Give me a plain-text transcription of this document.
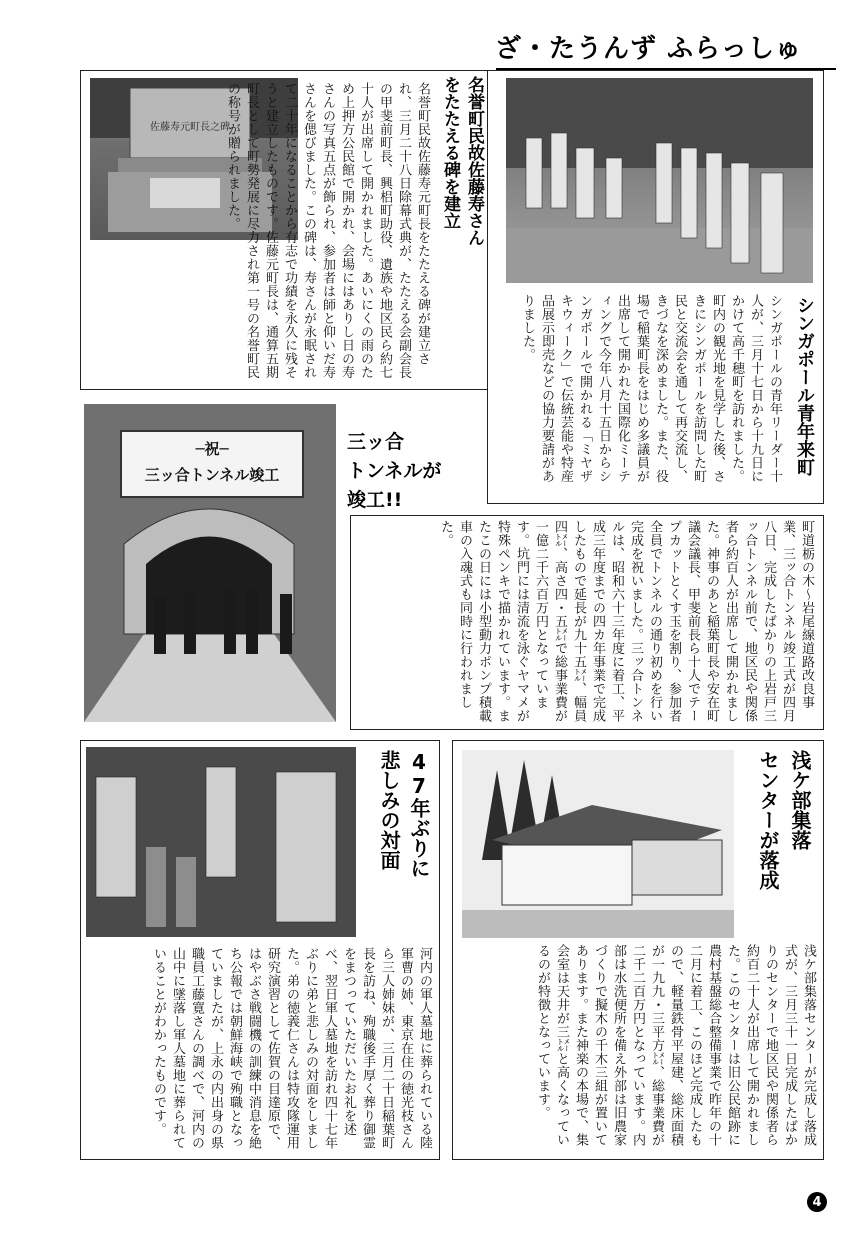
ざ・たうんず ふらっしゅ
佐藤寿元町長之碑	名誉町民故佐藤寿さん
をたたえる碑を建立
名誉町民故佐藤寿元町長をたたえる碑が建立され、三月二十八日除幕式典が、たたえる会副会長の甲斐前町長、興梠町助役、遺族や地区民ら約七十人が出席して開かれました。あいにくの雨のため上押方公民館で開かれ、会場にはありし日の寿さんの写真五点が飾られ、参加者は師と仰いだ寿さんを偲びました。この碑は、寿さんが永眠されて二十年になることから有志で功績を永久に残そうと建立したものです。佐藤元町長は、通算五期町長として町勢発展に尽力され第一号の名誉町民の称号が贈られました。
シンガポール青年来町
シンガポールの青年リーダー十人が、三月十七日から十九日にかけて高千穂町を訪れました。町内の観光地を見学した後、さきにシンガポールを訪問した町民と交流会を通して再交流し、きづなを深めました。また、役場で稲葉町長をはじめ多議員が出席して開かれた国際化ミーティングで今年八月十五日からシンガポールで開かれる「ミヤザキウィーク」で伝統芸能や特産品展示即売などの協力要請がありました。
─祝─
三ッ合トンネル竣工
三ッ合
トンネルが
竣工!!
町道栃の木～岩尾線道路改良事業、三ッ合トンネル竣工式が四月八日、完成したばかりの上岩戸三ッ合トンネル前で、地区民や関係者ら約百人が出席して開かれました。神事のあと稲葉町長や安在町議会議長、甲斐前長ら十人でテープカットとくす玉を割り、参加者全員でトンネルの通り初めを行い完成を祝いました。三ッ合トンネルは、昭和六十三年度に着工、平成三年度までの四カ年事業で完成したもので延長が九十五㍍、幅員四㍍、高さ四・五㍍で総事業費が一億二千六百万円となっています。坑門には清流を泳ぐヤマメが特殊ペンキで描かれています。またこの日には小型動力ポンプ積載車の入魂式も同時に行われました。
47年ぶりに
悲しみの対面
河内の軍人墓地に葬られている陸軍曹の姉、東京在住の徳光枝さんら三人姉妹が、三月二十日稲葉町長を訪ね、殉職後手厚く葬り御霊をまつっていただいたお礼を述べ、翌日軍人墓地を訪れ四十七年ぶりに弟と悲しみの対面をしました。弟の徳義仁さんは特攻隊運用研究演習として佐賀の目達原で、はやぶさ戦闘機の訓練中消息を絶ち公報では朝鮮海峡で殉職となっていましたが、上永の内出身の県職員工藤寛さんの調べで、河内の山中に墜落し軍人墓地に葬られていることがわかったものです。
浅ケ部集落
センターが落成
浅ケ部集落センターが完成し落成式が、三月三十一日完成したばかりのセンターで地区民や関係者ら約百二十人が出席して開かれました。このセンターは旧公民館跡に農村基盤総合整備事業で昨年の十二月に着工、このほど完成したもので、軽量鉄骨平屋建、総床面積が一九九・三平方㍍、総事業費が二千二百万円となっています。内部は水洗便所を備え外部は旧農家づくりで擬木の千木三組が置いてあります。また神楽の本場で、集会室は天井が三㍍と高くなっているのが特徴となっています。
4
